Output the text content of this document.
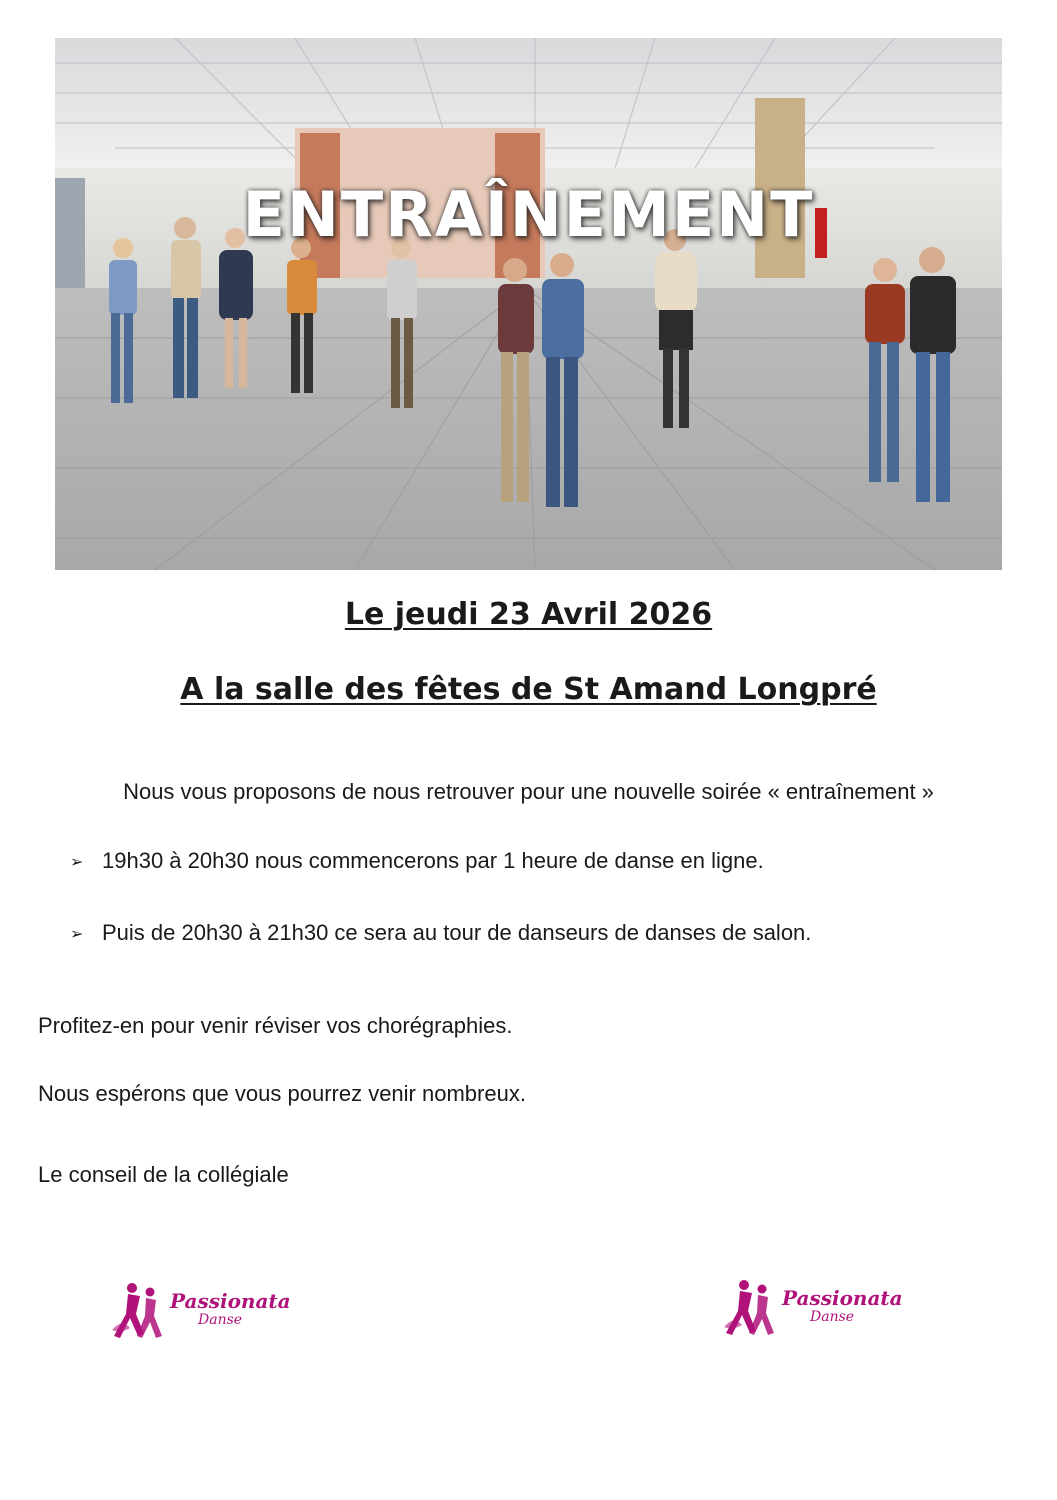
ENTRAÎNEMENT
Le jeudi 23 Avril 2026
A la salle des fêtes de St Amand Longpré
Nous vous proposons de nous retrouver pour une nouvelle soirée « entraînement »
➢ 19h30 à 20h30 nous commencerons par 1 heure de danse en ligne.
➢ Puis de 20h30 à 21h30 ce sera au tour de danseurs de danses de salon.
Profitez-en pour venir réviser vos chorégraphies.
Nous espérons que vous pourrez venir nombreux.
Le conseil de la collégiale
Passionata
Danse
Passionata
Danse
